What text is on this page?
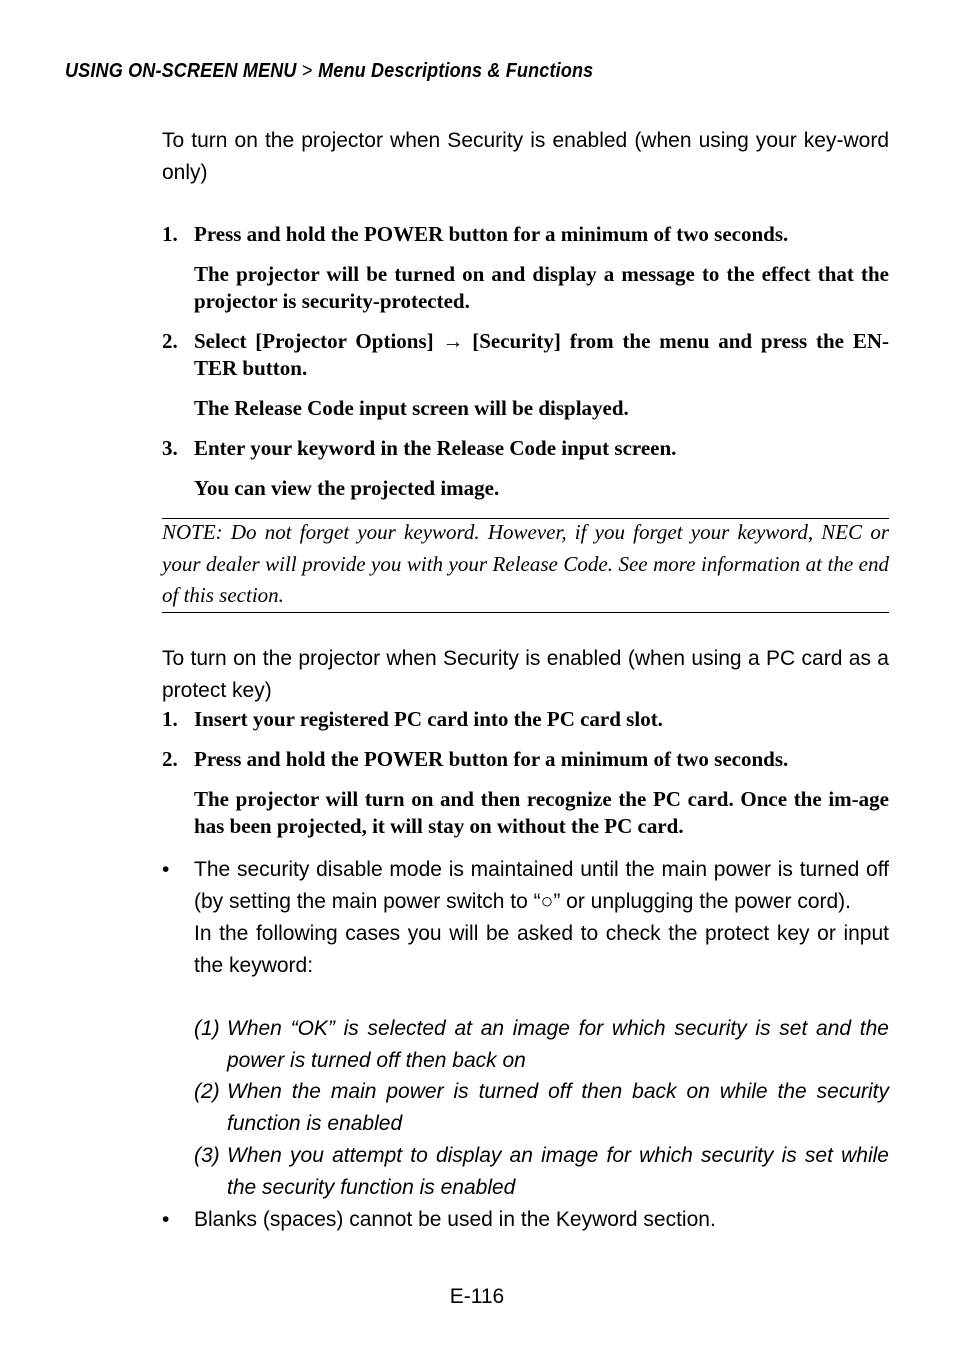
USING ON-SCREEN MENU > Menu Descriptions & Functions
To turn on the projector when Security is enabled (when using your key-word only)
1. Press and hold the POWER button for a minimum of two seconds.
The projector will be turned on and display a message to the effect that the projector is security-protected.
2. Select [Projector Options] → [Security] from the menu and press the EN-TER button.
The Release Code input screen will be displayed.
3. Enter your keyword in the Release Code input screen.
You can view the projected image.
NOTE: Do not forget your keyword. However, if you forget your keyword, NEC or your dealer will provide you with your Release Code. See more information at the end of this section.
To turn on the projector when Security is enabled (when using a PC card as a protect key)
1. Insert your registered PC card into the PC card slot.
2. Press and hold the POWER button for a minimum of two seconds.
The projector will turn on and then recognize the PC card. Once the im-age has been projected, it will stay on without the PC card.
• The security disable mode is maintained until the main power is turned off (by setting the main power switch to “○” or unplugging the power cord).
In the following cases you will be asked to check the protect key or input the keyword:
(1) When “OK” is selected at an image for which security is set and the power is turned off then back on
(2) When the main power is turned off then back on while the security function is enabled
(3) When you attempt to display an image for which security is set while the security function is enabled
• Blanks (spaces) cannot be used in the Keyword section.
E-116
